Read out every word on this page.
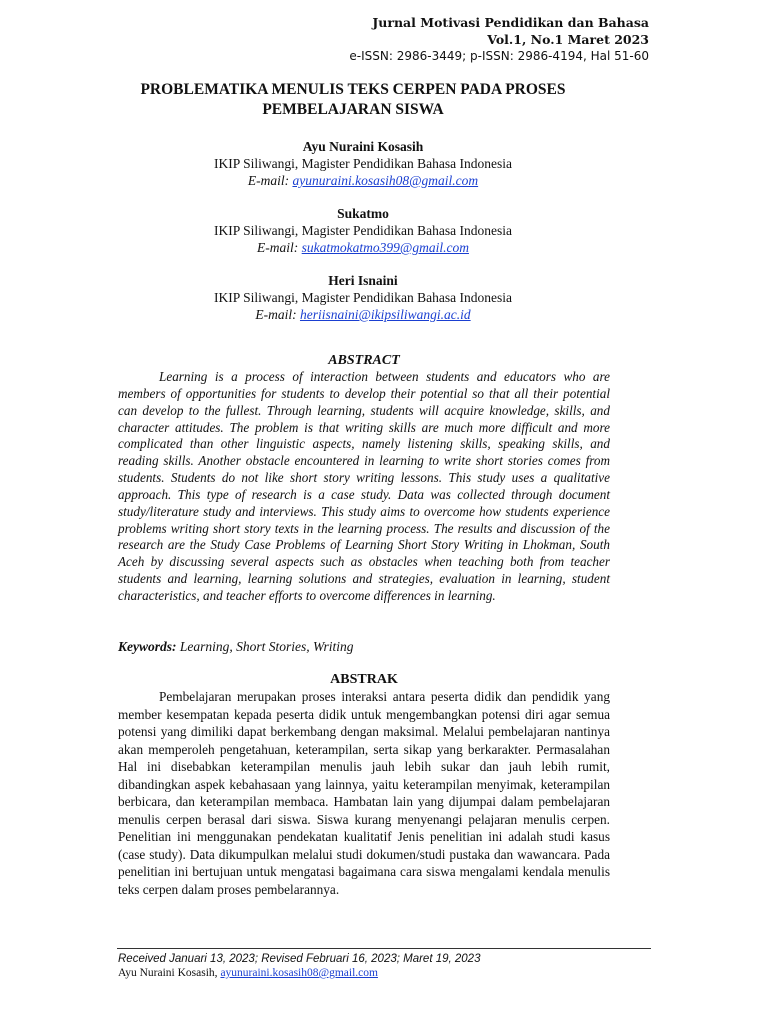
Jurnal Motivasi Pendidikan dan Bahasa
Vol.1, No.1 Maret 2023
e-ISSN: 2986-3449; p-ISSN: 2986-4194, Hal 51-60
PROBLEMATIKA MENULIS TEKS CERPEN PADA PROSES
PEMBELAJARAN SISWA
Ayu Nuraini Kosasih
IKIP Siliwangi, Magister Pendidikan Bahasa Indonesia
E-mail: ayunuraini.kosasih08@gmail.com
Sukatmo
IKIP Siliwangi, Magister Pendidikan Bahasa Indonesia
E-mail: sukatmokatmo399@gmail.com
Heri Isnaini
IKIP Siliwangi, Magister Pendidikan Bahasa Indonesia
E-mail: heriisnaini@ikipsiliwangi.ac.id
ABSTRACT

Learning is a process of interaction between students and educators who are members of opportunities for students to develop their potential so that all their potential can develop to the fullest. Through learning, students will acquire knowledge, skills, and character attitudes. The problem is that writing skills are much more difficult and more complicated than other linguistic aspects, namely listening skills, speaking skills, and reading skills. Another obstacle encountered in learning to write short stories comes from students. Students do not like short story writing lessons. This study uses a qualitative approach. This type of research is a case study. Data was collected through document study/literature study and interviews. This study aims to overcome how students experience problems writing short story texts in the learning process. The results and discussion of the research are the Study Case Problems of Learning Short Story Writing in Lhokman, South Aceh by discussing several aspects such as obstacles when teaching both from teacher students and learning, learning solutions and strategies, evaluation in learning, student characteristics, and teacher efforts to overcome differences in learning.

Keywords: Learning, Short Stories, Writing
ABSTRAK

Pembelajaran merupakan proses interaksi antara peserta didik dan pendidik yang member kesempatan kepada peserta didik untuk mengembangkan potensi diri agar semua potensi yang dimiliki dapat berkembang dengan maksimal. Melalui pembelajaran nantinya akan memperoleh pengetahuan, keterampilan, serta sikap yang berkarakter. Permasalahan Hal ini disebabkan keterampilan menulis jauh lebih sukar dan jauh lebih rumit, dibandingkan aspek kebahasaan yang lainnya, yaitu keterampilan menyimak, keterampilan berbicara, dan keterampilan membaca. Hambatan lain yang dijumpai dalam pembelajaran menulis cerpen berasal dari siswa. Siswa kurang menyenangi pelajaran menulis cerpen. Penelitian ini menggunakan pendekatan kualitatif Jenis penelitian ini adalah studi kasus (case study). Data dikumpulkan melalui studi dokumen/studi pustaka dan wawancara. Pada penelitian ini bertujuan untuk mengatasi bagaimana cara siswa mengalami kendala menulis teks cerpen dalam proses pembelarannya.

Received Januari 13, 2023; Revised Februari 16, 2023; Maret 19, 2023
Ayu Nuraini Kosasih, ayunuraini.kosasih08@gmail.com
